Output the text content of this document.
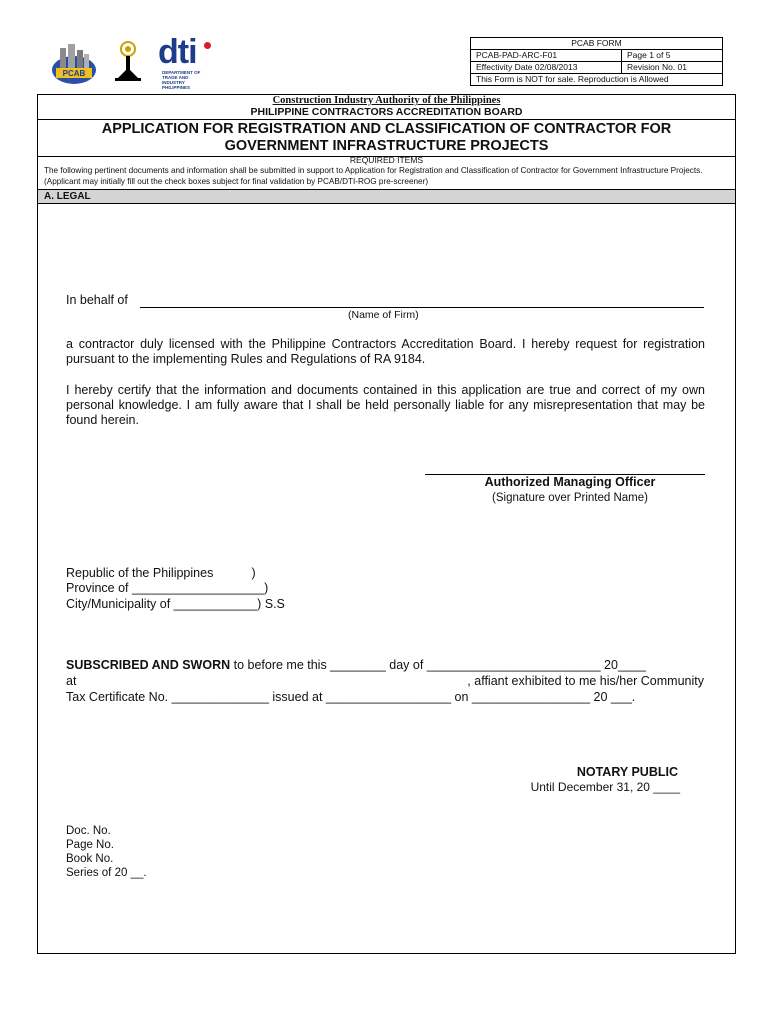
PCAB
dti
DEPARTMENT OF TRADE AND INDUSTRY PHILIPPINES
PCAB FORM
PCAB-PAD-ARC-F01	Page 1 of 5
Effectivity Date 02/08/2013	Revision No. 01
This Form is NOT for sale. Reproduction is Allowed
Construction Industry Authority of the Philippines
PHILIPPINE CONTRACTORS ACCREDITATION BOARD
APPLICATION FOR REGISTRATION AND CLASSIFICATION OF CONTRACTOR FOR
GOVERNMENT INFRASTRUCTURE PROJECTS
REQUIRED ITEMS
The following pertinent documents and information shall be submitted in support to Application for Registration and Classification of Contractor for Government Infrastructure Projects.(Applicant may initially fill out the check boxes subject for final validation by PCAB/DTI-ROG pre-screener)
A. LEGAL
In behalf of
(Name of Firm)
a contractor duly licensed with the Philippine Contractors Accreditation Board. I hereby request for registration pursuant to the implementing Rules and Regulations of RA 9184.
I hereby certify that the information and documents contained in this application are true and correct of my own personal knowledge. I am fully aware that I shall be held personally liable for any misrepresentation that may be found herein.
Authorized Managing Officer
(Signature over Printed Name)
Republic of the Philippines           )
Province of ___________________)
City/Municipality of ____________) S.S
SUBSCRIBED AND SWORN to before me this ________ day of _________________________ 20____
at	, affiant exhibited to me his/her Community
Tax Certificate No. ______________ issued at __________________ on _________________ 20 ___.
NOTARY PUBLIC
Until December 31, 20 ____
Doc. No.
Page No.
Book No.
Series of 20 __.
